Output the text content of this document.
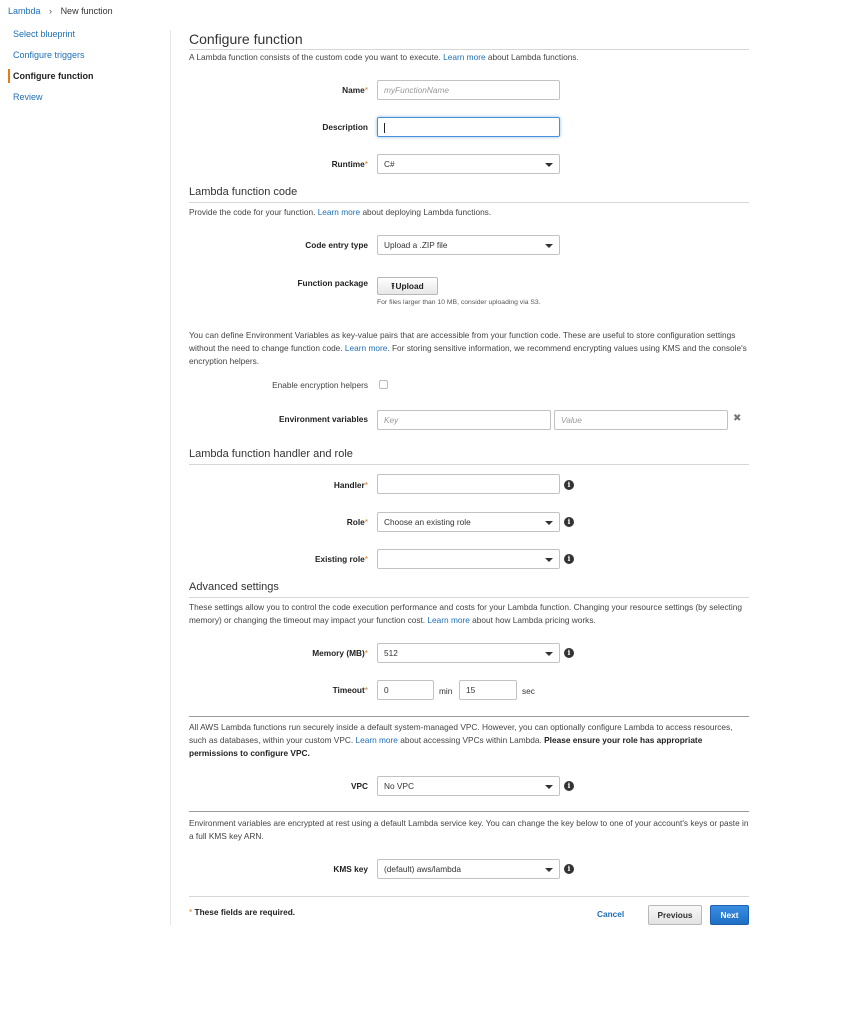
Lambda › New function
Select blueprint
Configure triggers
Configure function
Review
Configure function
A Lambda function consists of the custom code you want to execute. Learn more about Lambda functions.
Name*	myFunctionName
Description
Runtime*	C#
Lambda function code
Provide the code for your function. Learn more about deploying Lambda functions.
Code entry type	Upload a .ZIP file
Function package	⭱Upload
For files larger than 10 MB, consider uploading via S3.
You can define Environment Variables as key-value pairs that are accessible from your function code. These are useful to store configuration settings without the need to change function code. Learn more. For storing sensitive information, we recommend encrypting values using KMS and the console's encryption helpers.
Enable encryption helpers
Environment variables	Key	Value	✖
Lambda function handler and role
Handler*	i
Role*	Choose an existing role	i
Existing role*	i
Advanced settings
These settings allow you to control the code execution performance and costs for your Lambda function. Changing your resource settings (by selecting memory) or changing the timeout may impact your function cost. Learn more about how Lambda pricing works.
Memory (MB)*	512	i
Timeout*	0	min	15	sec
All AWS Lambda functions run securely inside a default system-managed VPC. However, you can optionally configure Lambda to access resources, such as databases, within your custom VPC. Learn more about accessing VPCs within Lambda. Please ensure your role has appropriate permissions to configure VPC.
VPC	No VPC	i
Environment variables are encrypted at rest using a default Lambda service key. You can change the key below to one of your account's keys or paste in a full KMS key ARN.
KMS key	(default) aws/lambda	i
* These fields are required.	Cancel	Previous	Next
